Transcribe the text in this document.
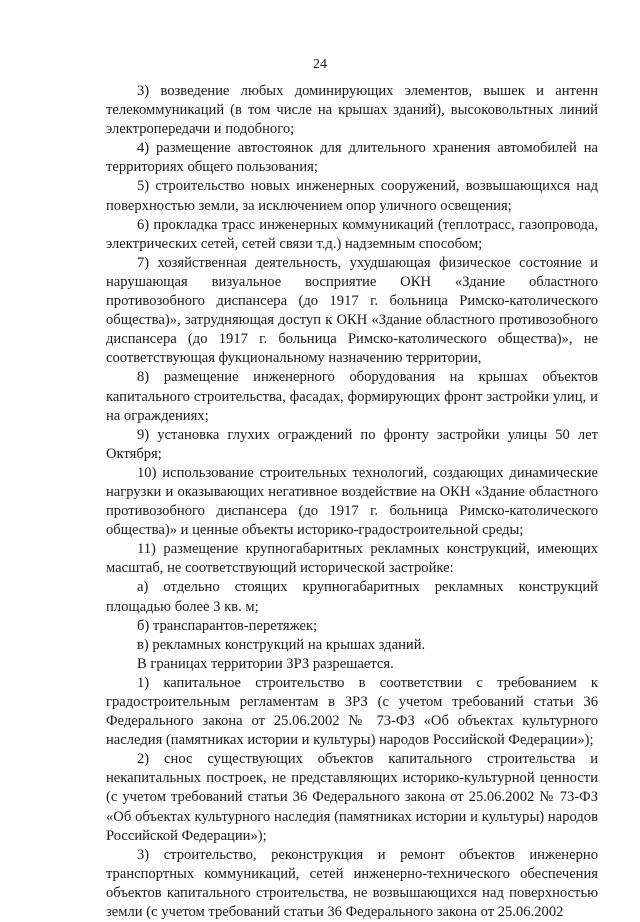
24

3) возведение любых доминирующих элементов, вышек и антенн телекоммуникаций (в том числе на крышах зданий), высоковольтных линий электропередачи и подобного;

4) размещение автостоянок для длительного хранения автомобилей на территориях общего пользования;

5) строительство новых инженерных сооружений, возвышающихся над поверхностью земли, за исключением опор уличного освещения;

6) прокладка трасс инженерных коммуникаций (теплотрасс, газопровода, электрических сетей, сетей связи т.д.) надземным способом;

7) хозяйственная деятельность, ухудшающая физическое состояние и нарушающая визуальное восприятие ОКН «Здание областного противозобного диспансера (до 1917 г. больница Римско-католического общества)», затрудняющая доступ к ОКН «Здание областного противозобного диспансера (до 1917 г. больница Римско-католического общества)», не соответствующая фукциональному назначению территории,

8) размещение инженерного оборудования на крышах объектов капитального строительства, фасадах, формирующих фронт застройки улиц, и на ограждениях;

9) установка глухих ограждений по фронту застройки улицы 50 лет Октября;

10) использование строительных технологий, создающих динамические нагрузки и оказывающих негативное воздействие на ОКН «Здание областного противозобного диспансера (до 1917 г. больница Римско-католического общества)» и ценные объекты историко-градостроительной среды;

11) размещение крупногабаритных рекламных конструкций, имеющих масштаб, не соответствующий исторической застройке:

а) отдельно стоящих крупногабаритных рекламных конструкций площадью более 3 кв. м;

б) транспарантов-перетяжек;

в) рекламных конструкций на крышах зданий.

В границах территории ЗРЗ разрешается.

1) капитальное строительство в соответствии с требованием к градостроительным регламентам в ЗРЗ (с учетом требований статьи 36 Федерального закона от 25.06.2002 № 73-ФЗ «Об объектах культурного наследия (памятниках истории и культуры) народов Российской Федерации»);

2) снос существующих объектов капитального строительства и некапитальных построек, не представляющих историко-культурной ценности (с учетом требований статьи 36 Федерального закона от 25.06.2002 № 73-ФЗ «Об объектах культурного наследия (памятниках истории и культуры) народов Российской Федерации»);

3) строительство, реконструкция и ремонт объектов инженерно транспортных коммуникаций, сетей инженерно-технического обеспечения объектов капитального строительства, не возвышающихся над поверхностью земли (с учетом требований статьи 36 Федерального закона от 25.06.2002
